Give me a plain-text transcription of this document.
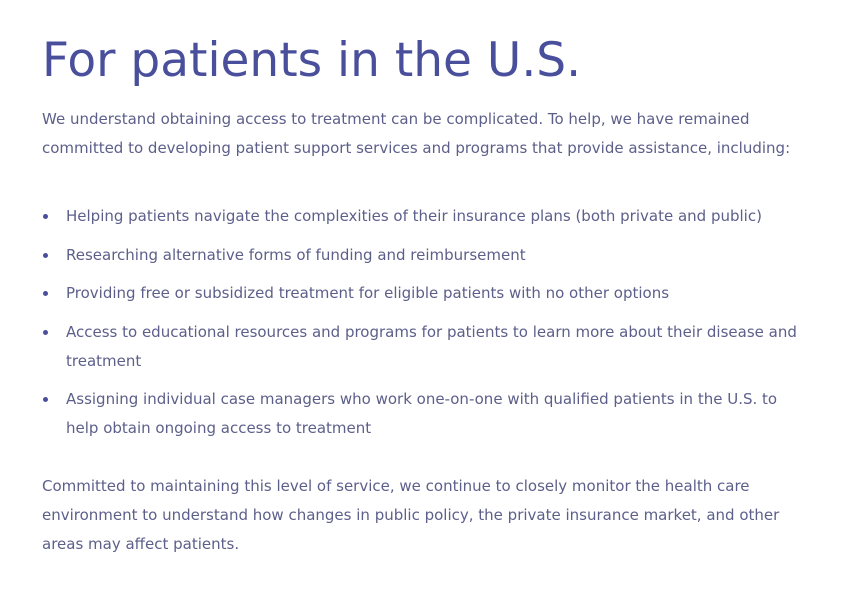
For patients in the U.S.

We understand obtaining access to treatment can be complicated. To help, we have remained committed to developing patient support services and programs that provide assistance, including:

Helping patients navigate the complexities of their insurance plans (both private and public)
Researching alternative forms of funding and reimbursement
Providing free or subsidized treatment for eligible patients with no other options
Access to educational resources and programs for patients to learn more about their disease and treatment
Assigning individual case managers who work one-on-one with qualified patients in the U.S. to help obtain ongoing access to treatment

Committed to maintaining this level of service, we continue to closely monitor the health care environment to understand how changes in public policy, the private insurance market, and other areas may affect patients.
